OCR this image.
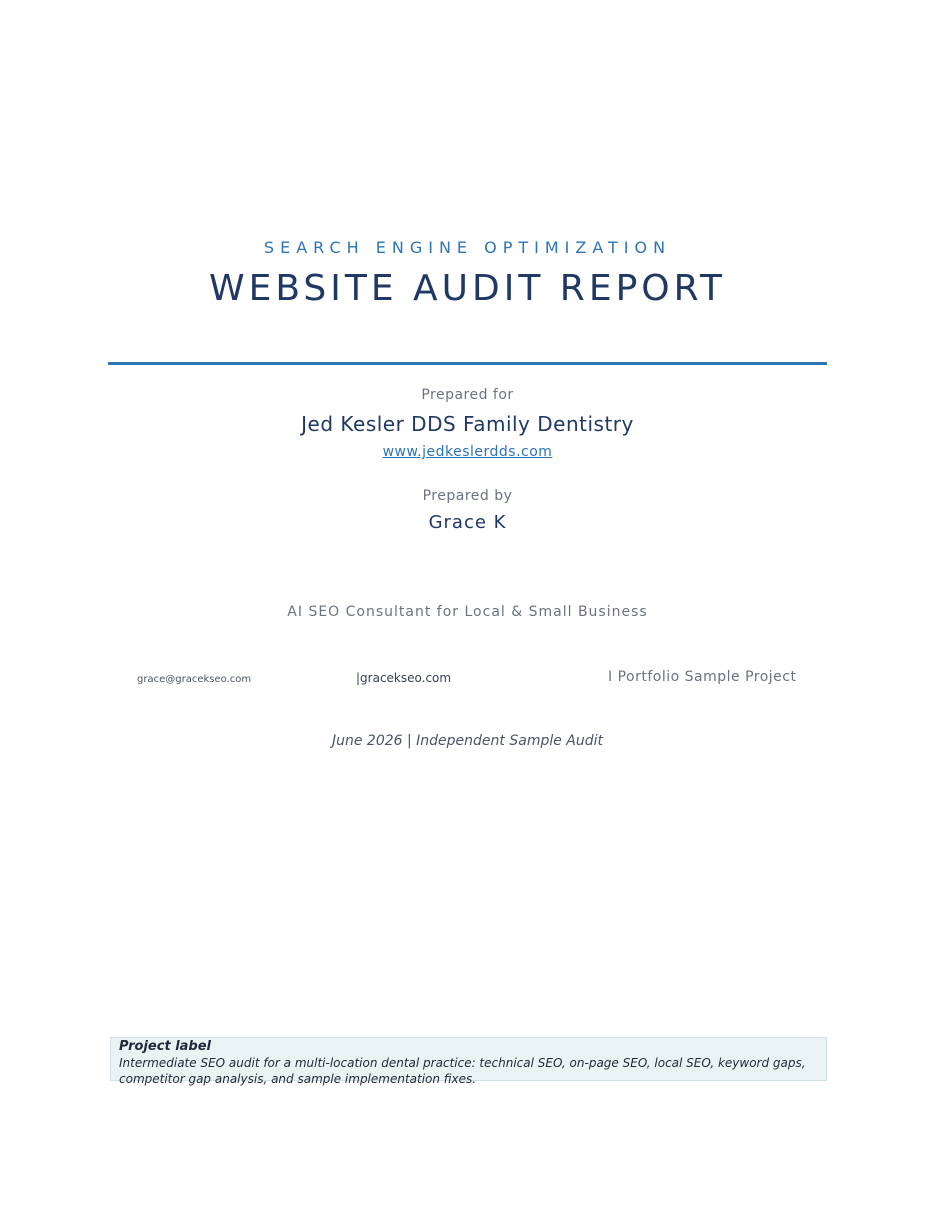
SEARCH ENGINE OPTIMIZATION
WEBSITE AUDIT REPORT
Prepared for
Jed Kesler DDS Family Dentistry
www.jedkeslerdds.com
Prepared by
Grace K
AI SEO Consultant for Local & Small Business
grace@gracekseo.com	|gracekseo.com	I Portfolio Sample Project
June 2026 | Independent Sample Audit
Project label
Intermediate SEO audit for a multi-location dental practice: technical SEO, on-page SEO, local SEO, keyword gaps, competitor gap analysis, and sample implementation fixes.
